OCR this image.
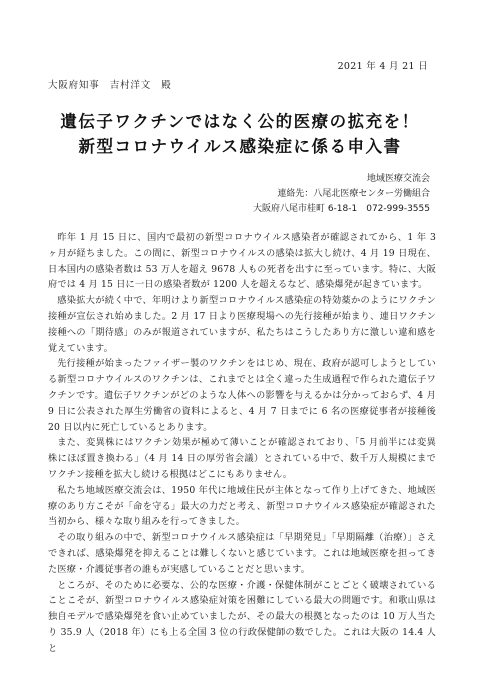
2021 年 4 月 21 日
大阪府知事　吉村洋文　殿
遺伝子ワクチンではなく公的医療の拡充を！
新型コロナウイルス感染症に係る申入書
地域医療交流会
連絡先：八尾北医療センター労働組合
大阪府八尾市桂町 6-18-1　072-999-3555

昨年 1 月 15 日に、国内で最初の新型コロナウイルス感染者が確認されてから、1 年 3 ヶ月が経ちました。この間に、新型コロナウイルスの感染は拡大し続け、4 月 19 日現在、日本国内の感染者数は 53 万人を超え 9678 人もの死者を出すに至っています。特に、大阪府では 4 月 15 日に一日の感染者数が 1200 人を超えるなど、感染爆発が起きています。

感染拡大が続く中で、年明けより新型コロナウイルス感染症の特効薬かのようにワクチン接種が宣伝され始めました。2 月 17 日より医療現場への先行接種が始まり、連日ワクチン接種への「期待感」のみが報道されていますが、私たちはこうしたあり方に激しい違和感を覚えています。

先行接種が始まったファイザー製のワクチンをはじめ、現在、政府が認可しようとしている新型コロナウイルスのワクチンは、これまでとは全く違った生成過程で作られた遺伝子ワクチンです。遺伝子ワクチンがどのような人体への影響を与えるかは分かっておらず、4 月 9 日に公表された厚生労働省の資料によると、4 月 7 日までに 6 名の医療従事者が接種後 20 日以内に死亡しているとあります。

また、変異株にはワクチン効果が極めて薄いことが確認されており、「5 月前半には変異株にほぼ置き換わる」（4 月 14 日の厚労省会議）とされている中で、数千万人規模にまでワクチン接種を拡大し続ける根拠はどこにもありません。

私たち地域医療交流会は、1950 年代に地域住民が主体となって作り上げてきた、地域医療のあり方こそが「命を守る」最大の力だと考え、新型コロナウイルス感染症が確認された当初から、様々な取り組みを行ってきました。

その取り組みの中で、新型コロナウイルス感染症は「早期発見」「早期隔離（治療）」さえできれば、感染爆発を抑えることは難しくないと感じています。これは地域医療を担ってきた医療・介護従事者の誰もが実感していることだと思います。

ところが、そのために必要な、公的な医療・介護・保健体制がことごとく破壊されていることこそが、新型コロナウイルス感染症対策を困難にしている最大の問題です。和歌山県は独自モデルで感染爆発を食い止めていましたが、その最大の根拠となったのは 10 万人当たり 35.9 人（2018 年）にも上る全国 3 位の行政保健師の数でした。これは大阪の 14.4 人と
